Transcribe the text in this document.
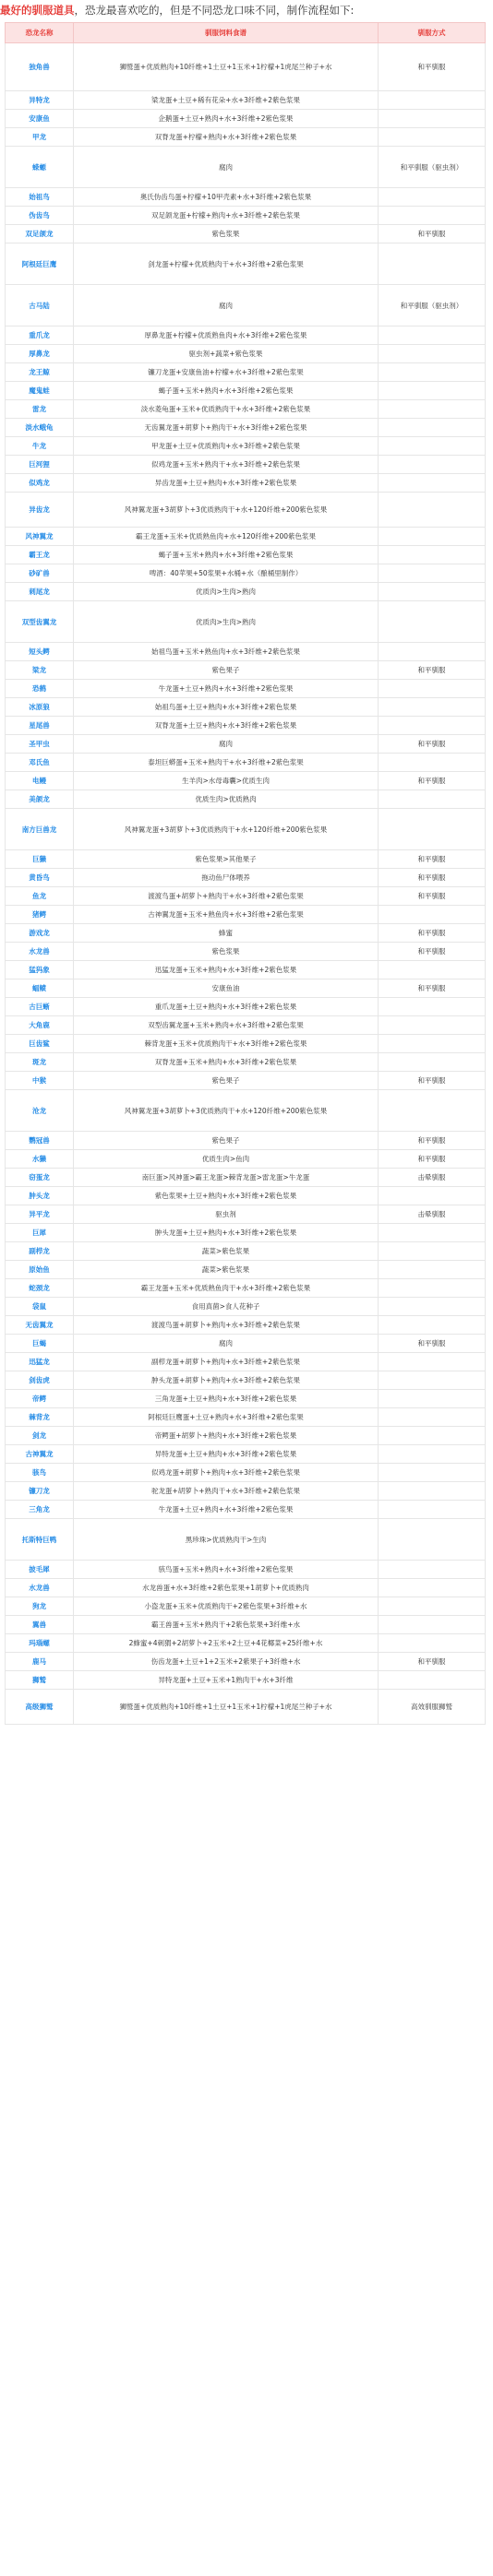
最好的驯服道具，恐龙最喜欢吃的，但是不同恐龙口味不同，制作流程如下:
恐龙名称	驯服饲料食谱	驯服方式
独角兽	狮鹫蛋+优质熟肉+10纤维+1土豆+1玉米+1柠檬+1虎尾兰种子+水	和平驯服
异特龙	梁龙蛋+土豆+稀有花朵+水+3纤维+2紫色浆果	
安康鱼	企鹅蛋+土豆+熟肉+水+3纤维+2紫色浆果	
甲龙	双脊龙蛋+柠檬+熟肉+水+3纤维+2紫色浆果	
蝾螈	腐肉	和平驯服（驱虫剂）
始祖鸟	奥氏伪齿鸟蛋+柠檬+10甲壳素+水+3纤维+2紫色浆果	
伪齿鸟	双足颌龙蛋+柠檬+熟肉+水+3纤维+2紫色浆果	
双足颌龙	紫色浆果	和平驯服
阿根廷巨鹰	剑龙蛋+柠檬+优质熟肉干+水+3纤维+2紫色浆果	
古马陆	腐肉	和平驯服（驱虫剂）
重爪龙	厚鼻龙蛋+柠檬+优质熟鱼肉+水+3纤维+2紫色浆果	
厚鼻龙	驱虫剂+蔬菜+紫色浆果	
龙王鲸	镰刀龙蛋+安康鱼油+柠檬+水+3纤维+2紫色浆果	
魔鬼蛙	蝎子蛋+玉米+熟肉+水+3纤维+2紫色浆果	
雷龙	淡水菱龟蛋+玉米+优质熟肉干+水+3纤维+2紫色浆果	
淡水蛾龟	无齿翼龙蛋+胡萝卜+熟肉干+水+3纤维+2紫色浆果	
牛龙	甲龙蛋+土豆+优质熟肉+水+3纤维+2紫色浆果	
巨河狸	似鸡龙蛋+玉米+熟肉干+水+3纤维+2紫色浆果	
似鸡龙	异齿龙蛋+土豆+熟肉+水+3纤维+2紫色浆果	
异齿龙	风神翼龙蛋+3胡萝卜+3优质熟肉干+水+120纤维+200紫色浆果	
风神翼龙	霸王龙蛋+玉米+优质熟鱼肉+水+120纤维+200紫色浆果	
霸王龙	蝎子蛋+玉米+熟肉+水+3纤维+2紫色浆果	
砂矿兽	啤酒：40苹果+50浆果+水桶+水（酿桶里制作）	
刺尾龙	优质肉>生肉>熟肉	
双型齿翼龙	优质肉>生肉>熟肉	
短头鳄	始祖鸟蛋+玉米+熟鱼肉+水+3纤维+2紫色浆果	
梁龙	紫色果子	和平驯服
恐鹤	牛龙蛋+土豆+熟肉+水+3纤维+2紫色浆果	
冰原狼	始祖鸟蛋+土豆+熟肉+水+3纤维+2紫色浆果	
星尾兽	双脊龙蛋+土豆+熟肉+水+3纤维+2紫色浆果	
圣甲虫	腐肉	和平驯服
邓氏鱼	泰坦巨蟒蛋+玉米+熟肉干+水+3纤维+2紫色浆果	
电鳗	生羊肉>水母毒囊>优质生肉	和平驯服
美颌龙	优质生肉>优质熟肉	
南方巨兽龙	风神翼龙蛋+3胡萝卜+3优质熟肉干+水+120纤维+200紫色浆果	
巨獭	紫色浆果>其他果子	和平驯服
黄昏鸟	拖动鱼尸体喂养	和平驯服
鱼龙	渡渡鸟蛋+胡萝卜+熟肉干+水+3纤维+2紫色浆果	和平驯服
猪鳄	古神翼龙蛋+玉米+熟鱼肉+水+3纤维+2紫色浆果	
游戏龙	蜂蜜	和平驯服
水龙兽	紫色浆果	和平驯服
猛犸象	迅猛龙蛋+玉米+熟肉+水+3纤维+2紫色浆果	
蝠鲼	安康鱼油	和平驯服
古巨蜥	重爪龙蛋+土豆+熟肉+水+3纤维+2紫色浆果	
大角鹿	双型齿翼龙蛋+玉米+熟肉+水+3纤维+2紫色浆果	
巨齿鲨	棘背龙蛋+玉米+优质熟肉干+水+3纤维+2紫色浆果	
斑龙	双脊龙蛋+玉米+熟肉+水+3纤维+2紫色浆果	
中猴	紫色果子	和平驯服
沧龙	风神翼龙蛋+3胡萝卜+3优质熟肉干+水+120纤维+200紫色浆果	
鹦冠兽	紫色果子	和平驯服
水獭	优质生肉>鱼肉	和平驯服
窃蛋龙	南巨蛋>风神蛋>霸王龙蛋>棘背龙蛋>雷龙蛋>牛龙蛋	击晕驯服
肿头龙	紫色浆果+土豆+熟肉+水+3纤维+2紫色浆果	
异平龙	驱虫剂	击晕驯服
巨犀	肿头龙蛋+土豆+熟肉+水+3纤维+2紫色浆果	
副栉龙	蔬菜>紫色浆果	
原始鱼	蔬菜>紫色浆果	
蛇颈龙	霸王龙蛋+玉米+优质熟鱼肉干+水+3纤维+2紫色浆果	
袋鼠	食用真菌>食人花种子	
无齿翼龙	渡渡鸟蛋+胡萝卜+熟肉+水+3纤维+2紫色浆果	
巨蝎	腐肉	和平驯服
迅猛龙	副栉龙蛋+胡萝卜+熟肉+水+3纤维+2紫色浆果	
剑齿虎	肿头龙蛋+胡萝卜+熟肉+水+3纤维+2紫色浆果	
帝鳄	三角龙蛋+土豆+熟肉+水+3纤维+2紫色浆果	
棘背龙	阿根廷巨鹰蛋+土豆+熟肉+水+3纤维+2紫色浆果	
剑龙	帝鳄蛋+胡萝卜+熟肉+水+3纤维+2紫色浆果	
古神翼龙	异特龙蛋+土豆+熟肉+水+3纤维+2紫色浆果	
骇鸟	似鸡龙蛋+胡萝卜+熟肉+水+3纤维+2紫色浆果	
镰刀龙	驼龙蛋+胡萝卜+熟肉干+水+3纤维+2紫色浆果	
三角龙	牛龙蛋+土豆+熟肉+水+3纤维+2紫色浆果	
托斯特巨鸭	黑珍珠>优质熟肉干>生肉	
披毛犀	骇鸟蛋+玉米+熟肉+水+3纤维+2紫色浆果	
水龙兽	水龙兽蛋+水+3纤维+2紫色浆果+1胡萝卜+优质熟肉	
狗龙	小盗龙蛋+玉米+优质熟肉干+2紫色浆果+3纤维+水	
翼兽	霸王兽蛋+玉米+熟肉干+2紫色浆果+3纤维+水	
玛瑙螺	2蜂蜜+4刺猬+2胡萝卜+2玉米+2土豆+4花椰菜+25纤维+水	
鹿马	伤齿龙蛋+土豆+1+2玉米+2紫果子+3纤维+水	和平驯服
狮鹫	异特龙蛋+土豆+玉米+1熟肉干+水+3纤维	
高级狮鹫	狮鹫蛋+优质熟肉+10纤维+1土豆+1玉米+1柠檬+1虎尾兰种子+水	高效驯服狮鹫
